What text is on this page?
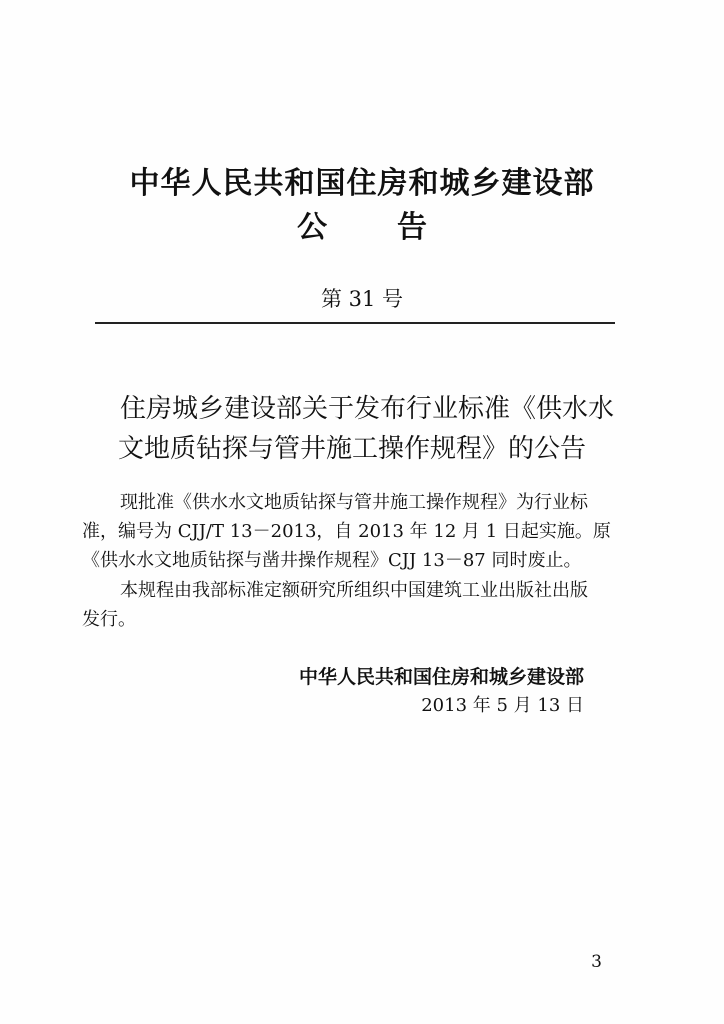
中华人民共和国住房和城乡建设部
公 告
第 31 号
住房城乡建设部关于发布行业标准《供水水
文地质钻探与管井施工操作规程》的公告
现批准《供水水文地质钻探与管井施工操作规程》为行业标
准，编号为 CJJ/T 13－2013，自 2013 年 12 月 1 日起实施。原
《供水水文地质钻探与凿井操作规程》CJJ 13－87 同时废止。
本规程由我部标准定额研究所组织中国建筑工业出版社出版
发行。
中华人民共和国住房和城乡建设部
2013 年 5 月 13 日
3
